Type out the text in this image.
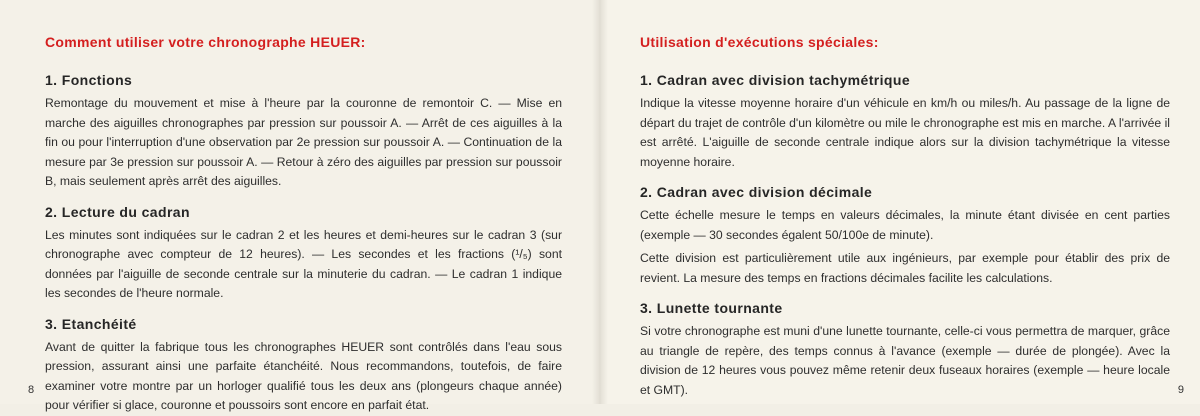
Comment utiliser votre chronographe HEUER:
1. Fonctions

Remontage du mouvement et mise à l'heure par la couronne de remontoir C. — Mise en marche des aiguilles chronographes par pression sur poussoir A. — Arrêt de ces aiguilles à la fin ou pour l'interruption d'une observation par 2e pression sur poussoir A. — Continuation de la mesure par 3e pression sur poussoir A. — Retour à zéro des aiguilles par pression sur poussoir B, mais seulement après arrêt des aiguilles.

2. Lecture du cadran

Les minutes sont indiquées sur le cadran 2 et les heures et demi-heures sur le cadran 3 (sur chronographe avec compteur de 12 heures). — Les secondes et les fractions (¹/₅) sont données par l'aiguille de seconde centrale sur la minuterie du cadran. — Le cadran 1 indique les secondes de l'heure normale.

3. Etanchéité

Avant de quitter la fabrique tous les chronographes HEUER sont contrôlés dans l'eau sous pression, assurant ainsi une parfaite étanchéité. Nous recommandons, toutefois, de faire examiner votre montre par un horloger qualifié tous les deux ans (plongeurs chaque année) pour vérifier si glace, couronne et poussoirs sont encore en parfait état.

8
Utilisation d'exécutions spéciales:
1. Cadran avec division tachymétrique

Indique la vitesse moyenne horaire d'un véhicule en km/h ou miles/h. Au passage de la ligne de départ du trajet de contrôle d'un kilomètre ou mile le chronographe est mis en marche. A l'arrivée il est arrêté. L'aiguille de seconde centrale indique alors sur la division tachymétrique la vitesse moyenne horaire.

2. Cadran avec division décimale

Cette échelle mesure le temps en valeurs décimales, la minute étant divisée en cent parties (exemple — 30 secondes égalent 50/100e de minute).

Cette division est particulièrement utile aux ingénieurs, par exemple pour établir des prix de revient. La mesure des temps en fractions décimales facilite les calculations.

3. Lunette tournante

Si votre chronographe est muni d'une lunette tournante, celle-ci vous permettra de marquer, grâce au triangle de repère, des temps connus à l'avance (exemple — durée de plongée). Avec la division de 12 heures vous pouvez même retenir deux fuseaux horaires (exemple — heure locale et GMT).	9
